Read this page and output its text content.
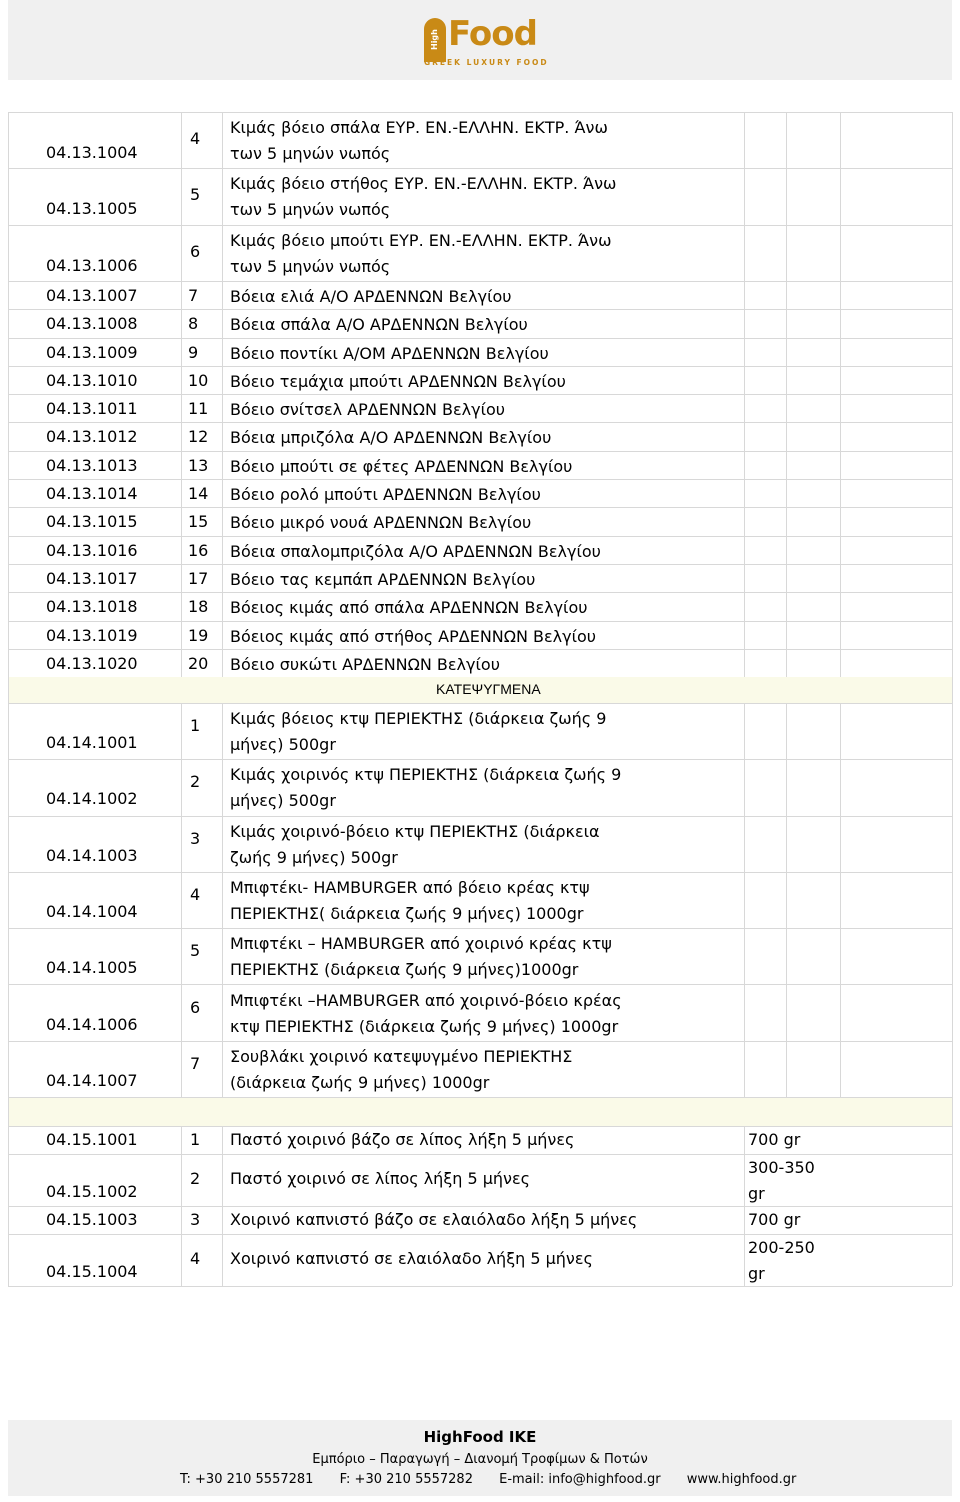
High Food
GREEK LUXURY FOOD
04.13.1004
4
Κιμάς βόειο σπάλα ΕΥΡ. ΕΝ.-ΕΛΛΗΝ. ΕΚΤΡ. Άνω
των 5 μηνών νωπός
04.13.1005
5
Κιμάς βόειο στήθος ΕΥΡ. ΕΝ.-ΕΛΛΗΝ. ΕΚΤΡ. Άνω
των 5 μηνών νωπός
04.13.1006
6
Κιμάς βόειο μπούτι ΕΥΡ. ΕΝ.-ΕΛΛΗΝ. ΕΚΤΡ. Άνω
των 5 μηνών νωπός
04.13.1007	7 Βόεια ελιά Α/Ο ΑΡΔΕΝΝΩΝ Βελγίου
04.13.1008	8 Βόεια σπάλα Α/Ο ΑΡΔΕΝΝΩΝ Βελγίου
04.13.1009	9 Βόειο ποντίκι Α/ΟΜ ΑΡΔΕΝΝΩΝ Βελγίου
04.13.1010	10 Βόειο τεμάχια μπούτι ΑΡΔΕΝΝΩΝ Βελγίου
04.13.1011	11 Βόειο σνίτσελ ΑΡΔΕΝΝΩΝ Βελγίου
04.13.1012	12 Βόεια μπριζόλα Α/Ο ΑΡΔΕΝΝΩΝ Βελγίου
04.13.1013	13 Βόειο μπούτι σε φέτες ΑΡΔΕΝΝΩΝ Βελγίου
04.13.1014	14 Βόειο ρολό μπούτι ΑΡΔΕΝΝΩΝ Βελγίου
04.13.1015	15 Βόειο μικρό νουά ΑΡΔΕΝΝΩΝ Βελγίου
04.13.1016	16 Βόεια σπαλομπριζόλα Α/Ο ΑΡΔΕΝΝΩΝ Βελγίου
04.13.1017	17 Βόειο τας κεμπάπ ΑΡΔΕΝΝΩΝ Βελγίου
04.13.1018	18 Βόειος κιμάς από σπάλα ΑΡΔΕΝΝΩΝ Βελγίου
04.13.1019	19 Βόειος κιμάς από στήθος ΑΡΔΕΝΝΩΝ Βελγίου
04.13.1020	20 Βόειο συκώτι ΑΡΔΕΝΝΩΝ Βελγίου
ΚΑΤΕΨΥΓΜΕΝΑ
04.14.1001
1 Κιμάς βόειος κτψ ΠΕΡΙΕΚΤΗΣ (διάρκεια ζωής 9
μήνες) 500gr
04.14.1002
2 Κιμάς χοιρινός κτψ ΠΕΡΙΕΚΤΗΣ (διάρκεια ζωής 9
μήνες) 500gr
04.14.1003
3 Κιμάς χοιρινό-βόειο κτψ ΠΕΡΙΕΚΤΗΣ (διάρκεια
ζωής 9 μήνες) 500gr
04.14.1004
4 Μπιφτέκι- HAMBURGER από βόειο κρέας κτψ
ΠΕΡΙΕΚΤΗΣ( διάρκεια ζωής 9 μήνες) 1000gr
04.14.1005
5 Μπιφτέκι – HAMBURGER από χοιρινό κρέας κτψ
ΠΕΡΙΕΚΤΗΣ (διάρκεια ζωής 9 μήνες)1000gr
04.14.1006
6 Μπιφτέκι –HAMBURGER από χοιρινό-βόειο κρέας
κτψ ΠΕΡΙΕΚΤΗΣ (διάρκεια ζωής 9 μήνες) 1000gr
04.14.1007
7 Σουβλάκι χοιρινό κατεψυγμένο ΠΕΡΙΕΚΤΗΣ
(διάρκεια ζωής 9 μήνες) 1000gr
04.15.1001	1 Παστό χοιρινό βάζο σε λίπος λήξη 5 μήνες	700 gr
04.15.1002
2 Παστό χοιρινό σε λίπος λήξη 5 μήνες
300-350
gr
04.15.1003	3 Χοιρινό καπνιστό βάζο σε ελαιόλαδο λήξη 5 μήνες	700 gr
04.15.1004
4 Χοιρινό καπνιστό σε ελαιόλαδο λήξη 5 μήνες
200-250
gr
HighFood IKE
Εμπόριο – Παραγωγή – Διανομή Τροφίμων & Ποτών
T: +30 210 5557281 F: +30 210 5557282 E-mail: info@highfood.gr www.highfood.gr
